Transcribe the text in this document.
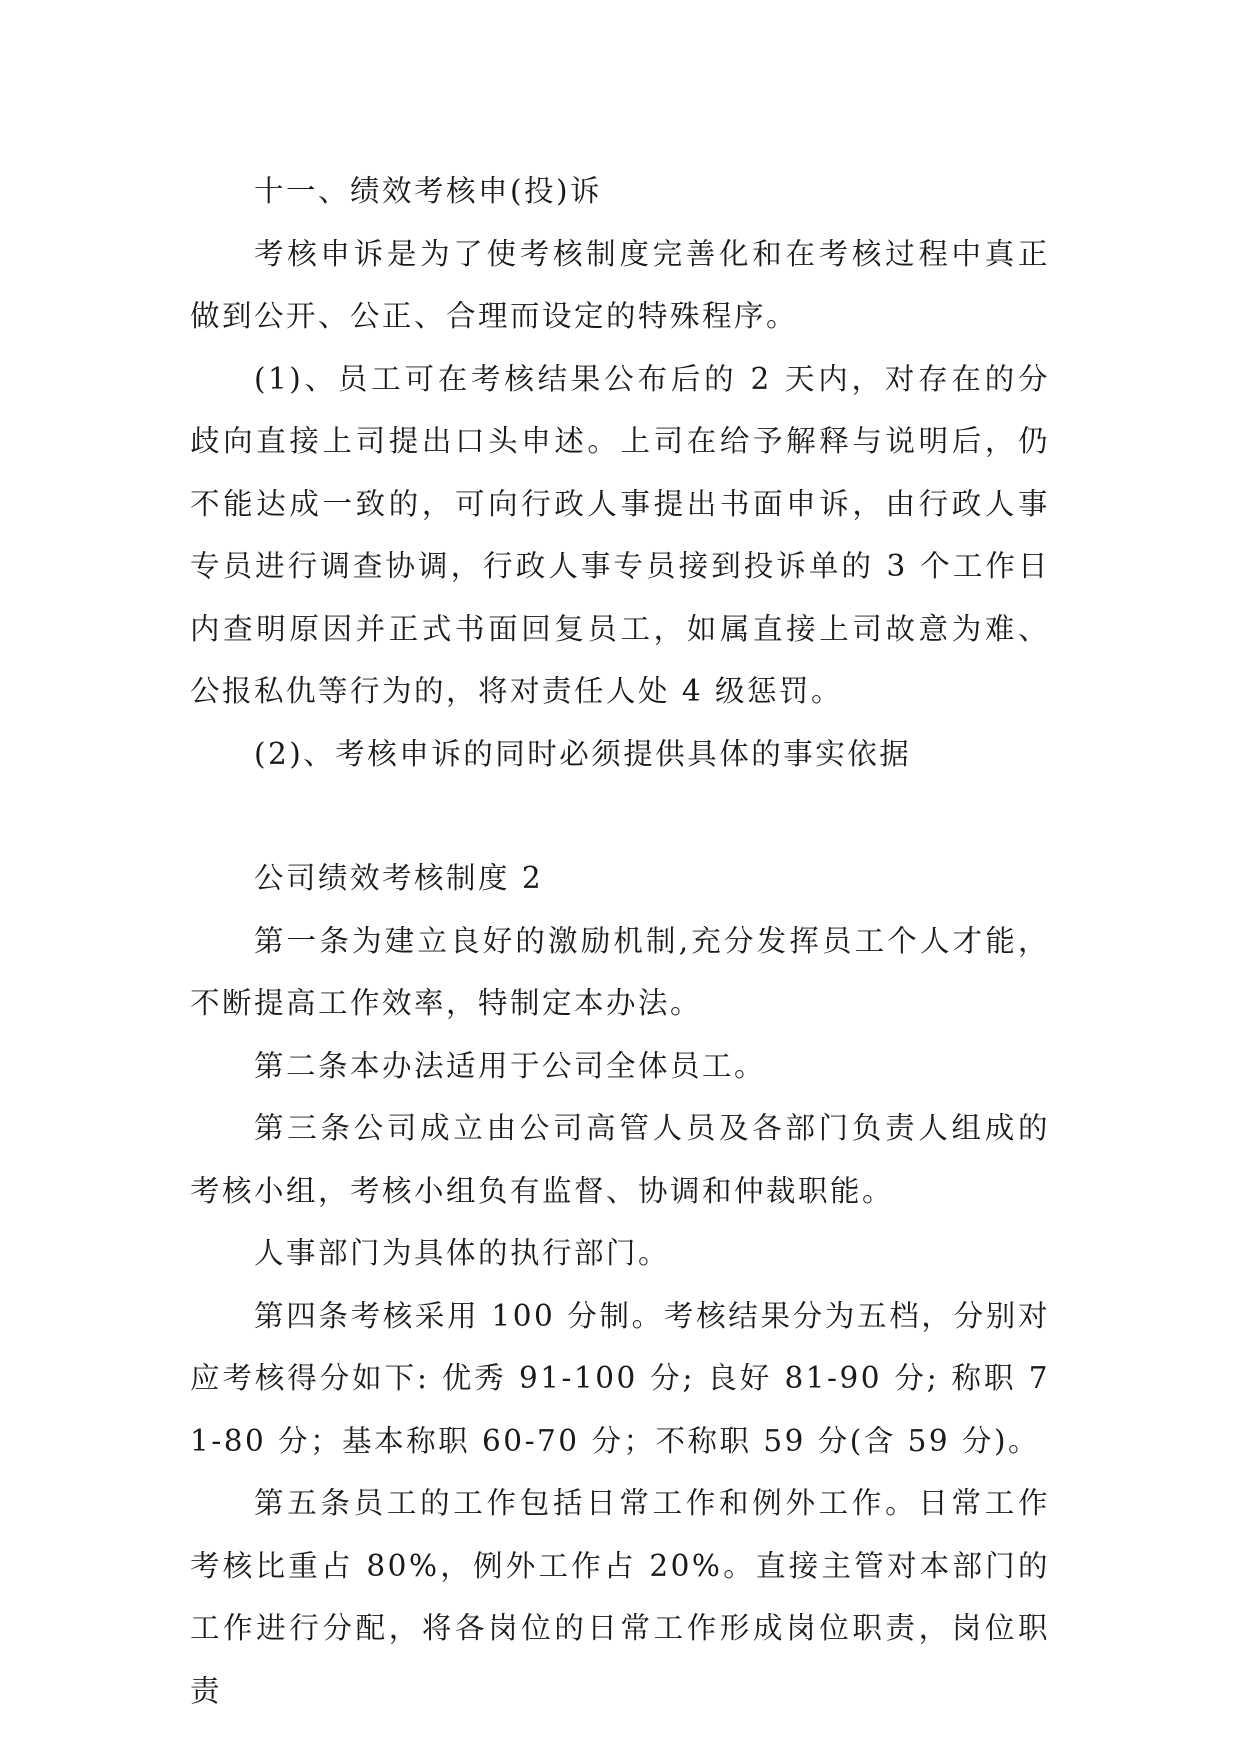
十一、绩效考核申(投)诉

考核申诉是为了使考核制度完善化和在考核过程中真正做到公开、公正、合理而设定的特殊程序。

(1)、员工可在考核结果公布后的 2 天内，对存在的分歧向直接上司提出口头申述。上司在给予解释与说明后，仍不能达成一致的，可向行政人事提出书面申诉，由行政人事专员进行调查协调，行政人事专员接到投诉单的 3 个工作日内查明原因并正式书面回复员工，如属直接上司故意为难、公报私仇等行为的，将对责任人处 4 级惩罚。

(2)、考核申诉的同时必须提供具体的事实依据

公司绩效考核制度 2

第一条为建立良好的激励机制,充分发挥员工个人才能，不断提高工作效率，特制定本办法。

第二条本办法适用于公司全体员工。

第三条公司成立由公司高管人员及各部门负责人组成的考核小组，考核小组负有监督、协调和仲裁职能。

人事部门为具体的执行部门。

第四条考核采用 100 分制。考核结果分为五档，分别对应考核得分如下: 优秀 91-100 分; 良好 81-90 分; 称职 71-80 分；基本称职 60-70 分；不称职 59 分(含 59 分)。

第五条员工的工作包括日常工作和例外工作。日常工作考核比重占 80%，例外工作占 20%。直接主管对本部门的工作进行分配，将各岗位的日常工作形成岗位职责，岗位职责
